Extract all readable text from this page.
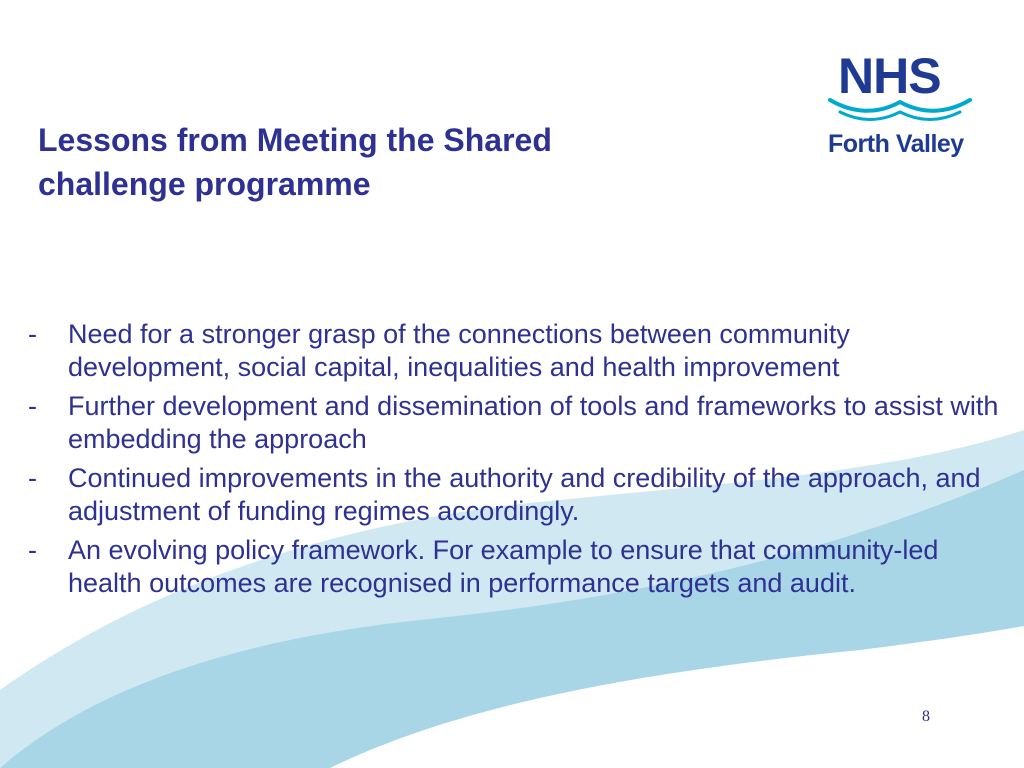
Lessons from Meeting the Shared
challenge programme
NHS
Forth Valley
- Need for a stronger grasp of the connections between community development, social capital, inequalities and health improvement
- Further development and dissemination of tools and frameworks to assist with embedding the approach
- Continued improvements in the authority and credibility of the approach, and adjustment of funding regimes accordingly.
- An evolving policy framework. For example to ensure that community-led health outcomes are recognised in performance targets and audit.
8
